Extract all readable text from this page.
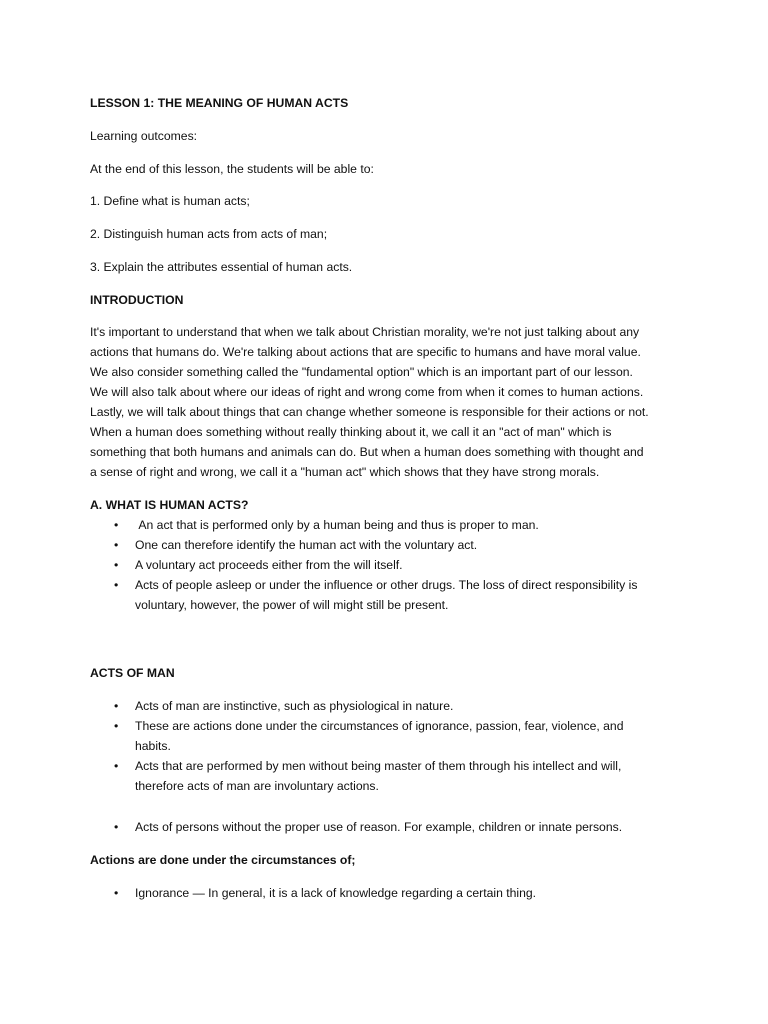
LESSON 1: THE MEANING OF HUMAN ACTS
Learning outcomes:
At the end of this lesson, the students will be able to:
1. Define what is human acts;
2. Distinguish human acts from acts of man;
3. Explain the attributes essential of human acts.
INTRODUCTION
It's important to understand that when we talk about Christian morality, we're not just talking about any
actions that humans do. We're talking about actions that are specific to humans and have moral value.
We also consider something called the "fundamental option" which is an important part of our lesson.
We will also talk about where our ideas of right and wrong come from when it comes to human actions.
Lastly, we will talk about things that can change whether someone is responsible for their actions or not.
When a human does something without really thinking about it, we call it an "act of man" which is
something that both humans and animals can do. But when a human does something with thought and
a sense of right and wrong, we call it a "human act" which shows that they have strong morals.
A. WHAT IS HUMAN ACTS?
• An act that is performed only by a human being and thus is proper to man.
• One can therefore identify the human act with the voluntary act.
• A voluntary act proceeds either from the will itself.
• Acts of people asleep or under the influence or other drugs. The loss of direct responsibility is
voluntary, however, the power of will might still be present.
ACTS OF MAN
• Acts of man are instinctive, such as physiological in nature.
• These are actions done under the circumstances of ignorance, passion, fear, violence, and
habits.
• Acts that are performed by men without being master of them through his intellect and will,
therefore acts of man are involuntary actions.
• Acts of persons without the proper use of reason. For example, children or innate persons.
Actions are done under the circumstances of;
• Ignorance — In general, it is a lack of knowledge regarding a certain thing.
